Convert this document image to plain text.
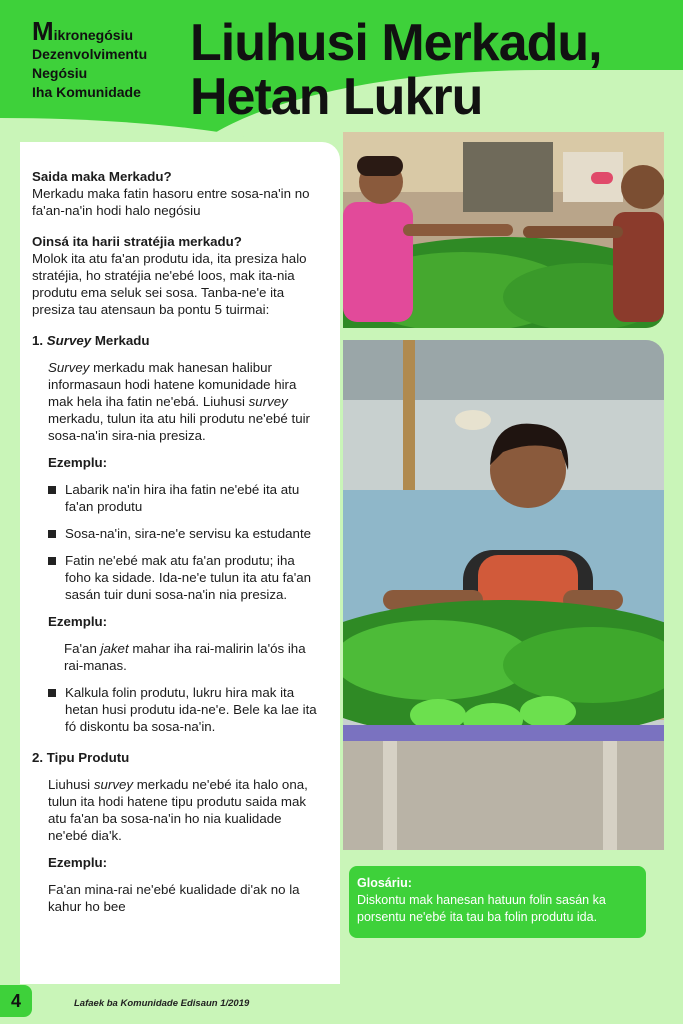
Mikronegósiu
Dezenvolvimentu
Negósiu
Iha Komunidade
Liuhusi Merkadu,
Hetan Lukru
Saida maka Merkadu?
Merkadu maka fatin hasoru entre sosa-na'in no fa'an-na'in hodi halo negósiu
Oinsá ita harii stratéjia merkadu?
Molok ita atu fa'an produtu ida, ita presiza halo stratéjia, ho stratéjia ne'ebé loos, mak ita-nia produtu ema seluk sei sosa. Tanba-ne'e ita presiza tau atensaun ba pontu 5 tuirmai:
1. Survey Merkadu
Survey merkadu mak hanesan halibur informasaun hodi hatene komunidade hira mak hela iha fatin ne'ebá. Liuhusi survey merkadu, tulun ita atu hili produtu ne'ebé tuir sosa-na'in sira-nia presiza.
Ezemplu:
Labarik na'in hira iha fatin ne'ebé ita atu fa'an produtu
Sosa-na'in, sira-ne'e servisu ka estudante
Fatin ne'ebé mak atu fa'an produtu; iha foho ka sidade. Ida-ne'e tulun ita atu fa'an sasán tuir duni sosa-na'in nia presiza.
Ezemplu:
Fa'an jaket mahar iha rai-malirin la'ós iha rai-manas.
Kalkula folin produtu, lukru hira mak ita hetan husi produtu ida-ne'e. Bele ka lae ita fó diskontu ba sosa-na'in.
2. Tipu Produtu
Liuhusi survey merkadu ne'ebé ita halo ona, tulun ita hodi hatene tipu produtu saida mak atu fa'an ba sosa-na'in ho nia kualidade ne'ebé dia'k.
Ezemplu:
Fa'an mina-rai ne'ebé kualidade di'ak no la kahur ho bee
Glosáriu:
Diskontu mak hanesan hatuun folin sasán ka porsentu ne'ebé ita tau ba folin produtu ida.
4	Lafaek ba Komunidade Edisaun 1/2019
